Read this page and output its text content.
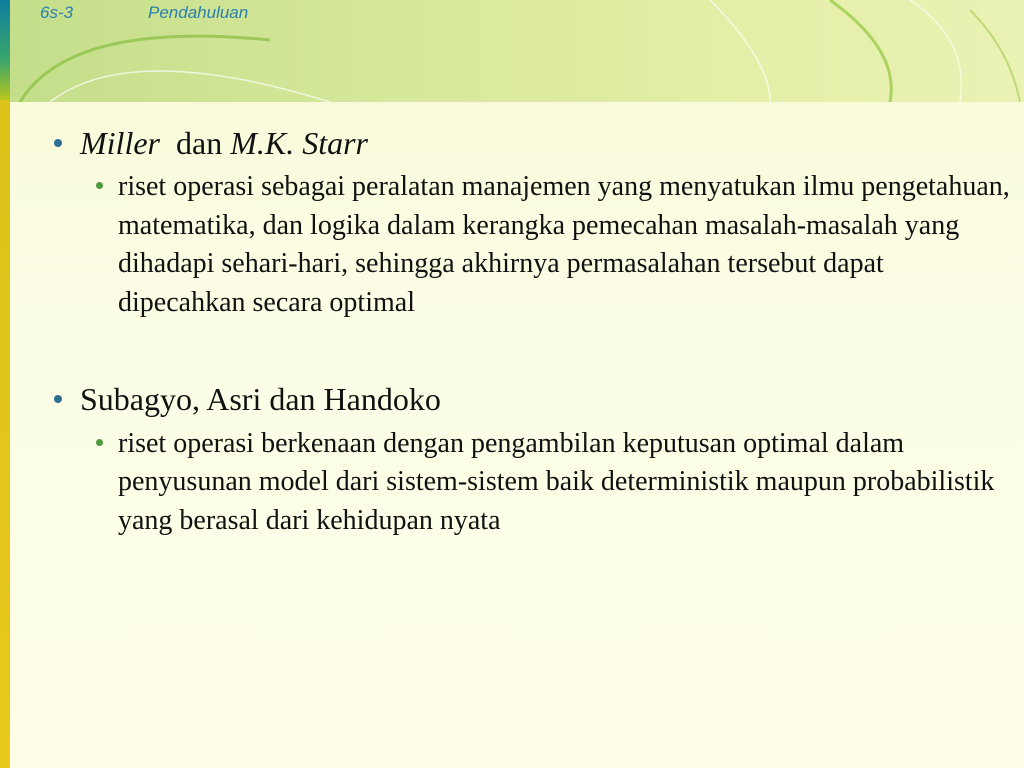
6s-3	Pendahuluan
Miller dan M.K. Starr
riset operasi sebagai peralatan manajemen yang menyatukan ilmu pengetahuan, matematika, dan logika dalam kerangka pemecahan masalah-masalah yang dihadapi sehari-hari, sehingga akhirnya permasalahan tersebut dapat dipecahkan secara optimal
Subagyo, Asri dan Handoko
riset operasi berkenaan dengan pengambilan keputusan optimal dalam penyusunan model dari sistem-sistem baik deterministik maupun probabilistik yang berasal dari kehidupan nyata
